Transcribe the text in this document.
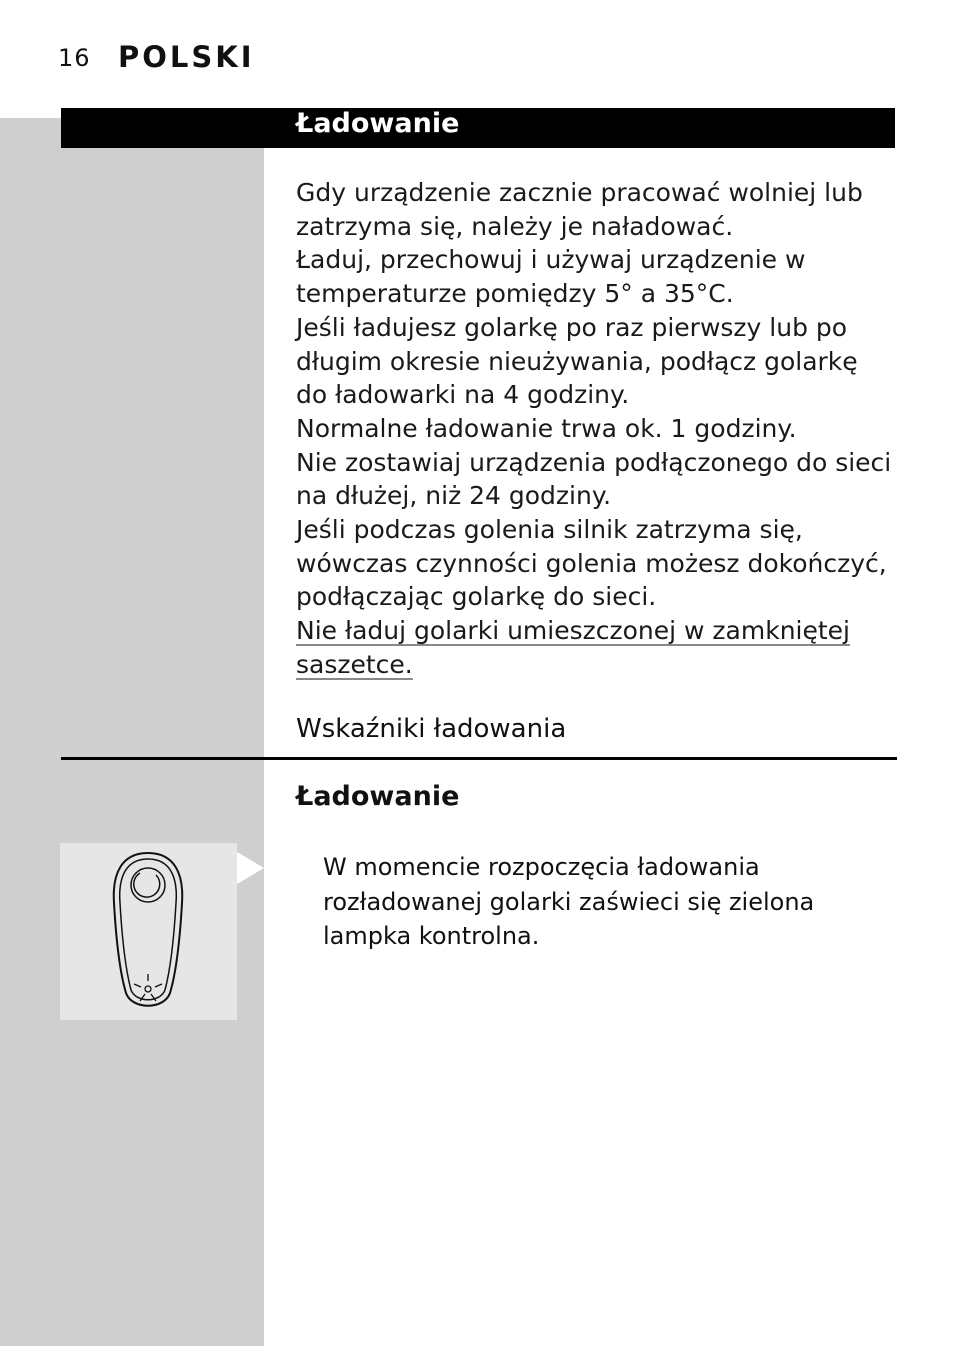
16 POLSKI
Ładowanie

Gdy urządzenie zacznie pracować wolniej lub zatrzyma się, należy je naładować.

Ładuj, przechowuj i używaj urządzenie w temperaturze pomiędzy 5° a 35°C.

Jeśli ładujesz golarkę po raz pierwszy lub po długim okresie nieużywania, podłącz golarkę do ładowarki na 4 godziny.

Normalne ładowanie trwa ok. 1 godziny.

Nie zostawiaj urządzenia podłączonego do sieci na dłużej, niż 24 godziny.

Jeśli podczas golenia silnik zatrzyma się, wówczas czynności golenia możesz dokończyć, podłączając golarkę do sieci.

Nie ładuj golarki umieszczonej w zamkniętej saszetce.

Wskaźniki ładowania
Ładowanie
W momencie rozpoczęcia ładowania rozładowanej golarki zaświeci się zielona lampka kontrolna.
